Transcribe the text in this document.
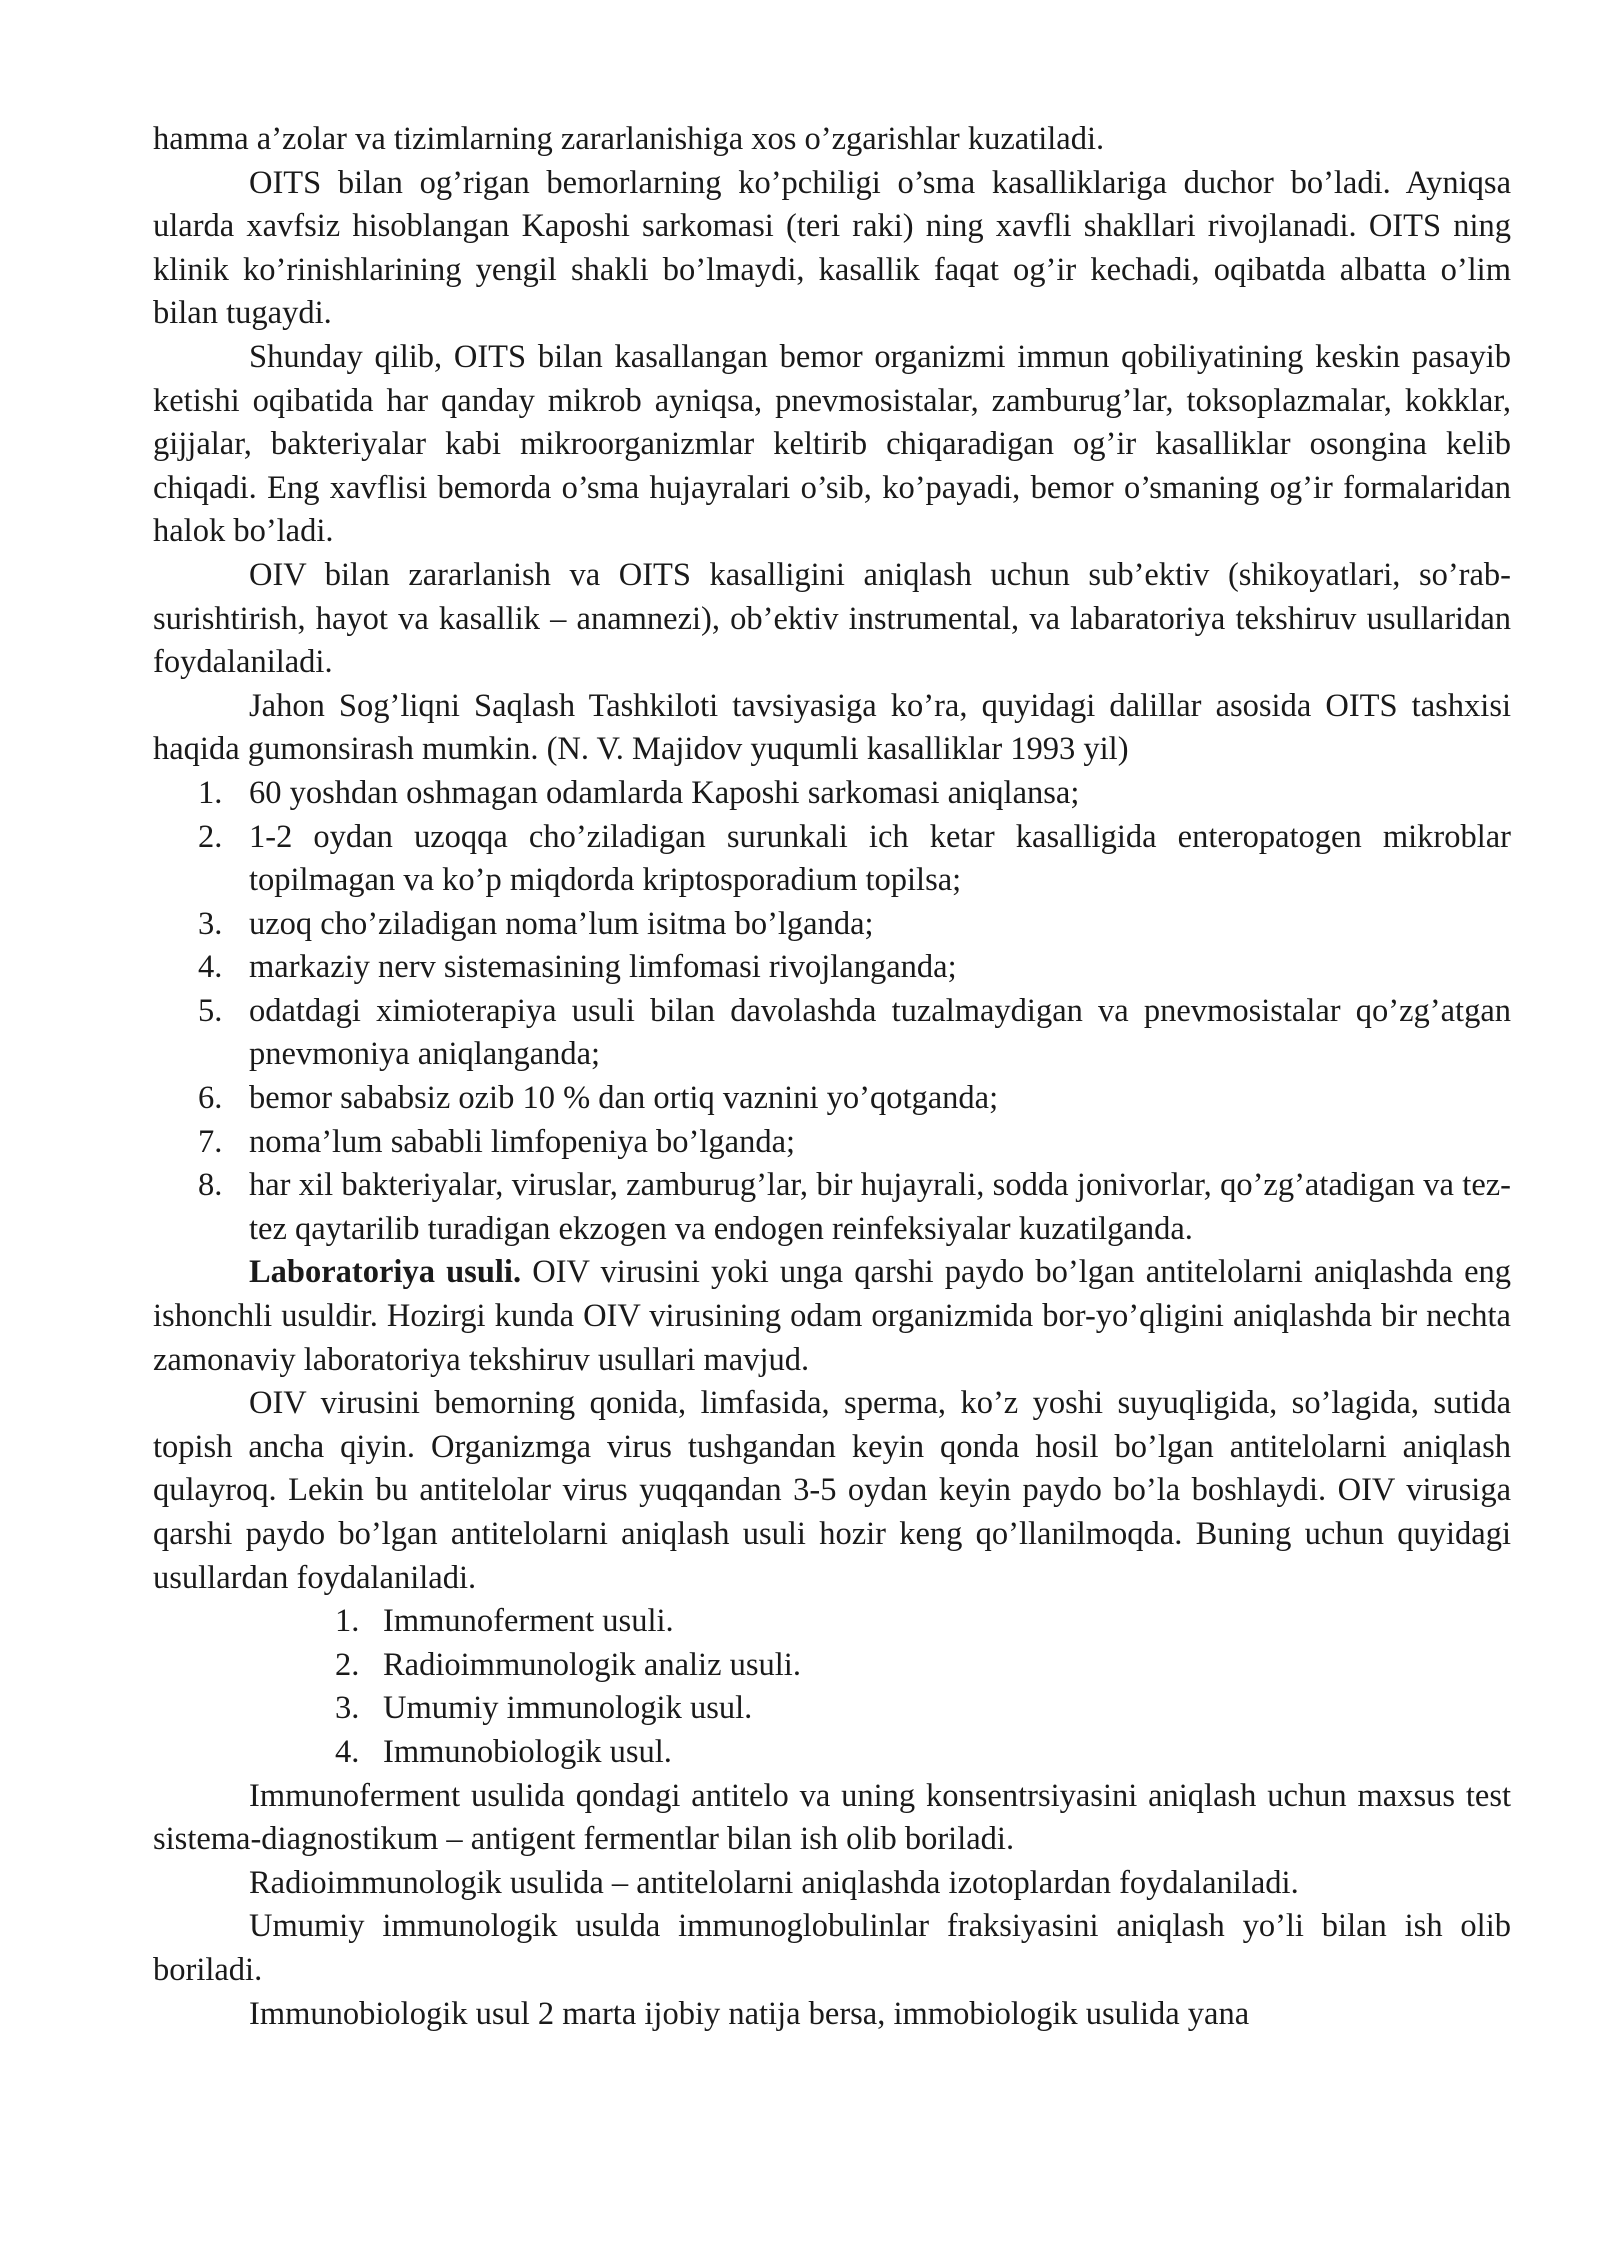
hamma a’zolar va tizimlarning zararlanishiga xos o’zgarishlar kuzatiladi.

OITS bilan og’rigan bemorlarning ko’pchiligi o’sma kasalliklariga duchor bo’ladi. Ayniqsa ularda xavfsiz hisoblangan Kaposhi sarkomasi (teri raki) ning xavfli shakllari rivojlanadi. OITS ning klinik ko’rinishlarining yengil shakli bo’lmaydi, kasallik faqat og’ir kechadi, oqibatda albatta o’lim bilan tugaydi.

Shunday qilib, OITS bilan kasallangan bemor organizmi immun qobiliyatining keskin pasayib ketishi oqibatida har qanday mikrob ayniqsa, pnevmosistalar, zamburug’lar, toksoplazmalar, kokklar, gijjalar, bakteriyalar kabi mikroorganizmlar keltirib chiqaradigan og’ir kasalliklar osongina kelib chiqadi. Eng xavflisi bemorda o’sma hujayralari o’sib, ko’payadi, bemor o’smaning og’ir formalaridan halok bo’ladi.

OIV bilan zararlanish va OITS kasalligini aniqlash uchun sub’ektiv (shikoyatlari, so’rab-surishtirish, hayot va kasallik – anamnezi), ob’ektiv instrumental, va labaratoriya tekshiruv usullaridan foydalaniladi.

Jahon Sog’liqni Saqlash Tashkiloti tavsiyasiga ko’ra, quyidagi dalillar asosida OITS tashxisi haqida gumonsirash mumkin. (N. V. Majidov yuqumli kasalliklar 1993 yil)

1. 60 yoshdan oshmagan odamlarda Kaposhi sarkomasi aniqlansa;
2. 1-2 oydan uzoqqa cho’ziladigan surunkali ich ketar kasalligida enteropatogen mikroblar topilmagan va ko’p miqdorda kriptosporadium topilsa;
3. uzoq cho’ziladigan noma’lum isitma bo’lganda;
4. markaziy nerv sistemasining limfomasi rivojlanganda;
5. odatdagi ximioterapiya usuli bilan davolashda tuzalmaydigan va pnevmosistalar qo’zg’atgan pnevmoniya aniqlanganda;
6. bemor sababsiz ozib 10 % dan ortiq vaznini yo’qotganda;
7. noma’lum sababli limfopeniya bo’lganda;
8. har xil bakteriyalar, viruslar, zamburug’lar, bir hujayrali, sodda jonivorlar, qo’zg’atadigan va tez-tez qaytarilib turadigan ekzogen va endogen reinfeksiyalar kuzatilganda.

Laboratoriya usuli. OIV virusini yoki unga qarshi paydo bo’lgan antitelolarni aniqlashda eng ishonchli usuldir. Hozirgi kunda OIV virusining odam organizmida bor-yo’qligini aniqlashda bir nechta zamonaviy laboratoriya tekshiruv usullari mavjud.

OIV virusini bemorning qonida, limfasida, sperma, ko’z yoshi suyuqligida, so’lagida, sutida topish ancha qiyin. Organizmga virus tushgandan keyin qonda hosil bo’lgan antitelolarni aniqlash qulayroq. Lekin bu antitelolar virus yuqqandan 3-5 oydan keyin paydo bo’la boshlaydi. OIV virusiga qarshi paydo bo’lgan antitelolarni aniqlash usuli hozir keng qo’llanilmoqda. Buning uchun quyidagi usullardan foydalaniladi.

1. Immunoferment usuli.
2. Radioimmunologik analiz usuli.
3. Umumiy immunologik usul.
4. Immunobiologik usul.

Immunoferment usulida qondagi antitelo va uning konsentrsiyasini aniqlash uchun maxsus test sistema-diagnostikum – antigent fermentlar bilan ish olib boriladi.

Radioimmunologik usulida – antitelolarni aniqlashda izotoplardan foydalaniladi.

Umumiy immunologik usulda immunoglobulinlar fraksiyasini aniqlash yo’li bilan ish olib boriladi.

Immunobiologik usul 2 marta ijobiy natija bersa, immobiologik usulida yana
